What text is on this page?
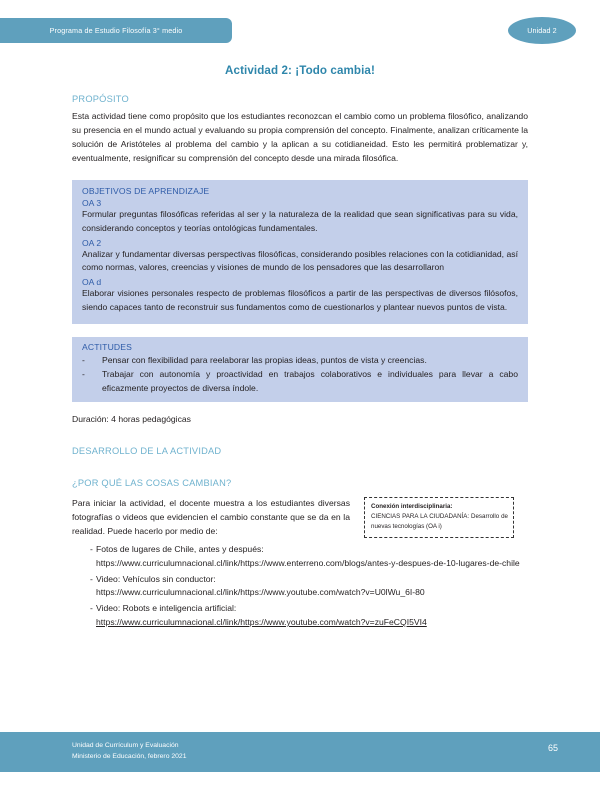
Programa de Estudio Filosofía 3° medio	Unidad 2
Actividad 2: ¡Todo cambia!
PROPÓSITO

Esta actividad tiene como propósito que los estudiantes reconozcan el cambio como un problema filosófico, analizando su presencia en el mundo actual y evaluando su propia comprensión del concepto. Finalmente, analizan críticamente la solución de Aristóteles al problema del cambio y la aplican a su cotidianeidad. Esto les permitirá problematizar y, eventualmente, resignificar su comprensión del concepto desde una mirada filosófica.

OBJETIVOS DE APRENDIZAJE
OA 3

Formular preguntas filosóficas referidas al ser y la naturaleza de la realidad que sean significativas para su vida, considerando conceptos y teorías ontológicas fundamentales.

OA 2

Analizar y fundamentar diversas perspectivas filosóficas, considerando posibles relaciones con la cotidianidad, así como normas, valores, creencias y visiones de mundo de los pensadores que las desarrollaron

OA d

Elaborar visiones personales respecto de problemas filosóficos a partir de las perspectivas de diversos filósofos, siendo capaces tanto de reconstruir sus fundamentos como de cuestionarlos y plantear nuevos puntos de vista.

ACTITUDES
-	Pensar con flexibilidad para reelaborar las propias ideas, puntos de vista y creencias.
-	Trabajar con autonomía y proactividad en trabajos colaborativos e individuales para llevar a cabo eficazmente proyectos de diversa índole.
Duración: 4 horas pedagógicas
DESARROLLO DE LA ACTIVIDAD
¿POR QUÉ LAS COSAS CAMBIAN?
Para iniciar la actividad, el docente muestra a los estudiantes diversas fotografías o videos que evidencien el cambio constante que se da en la realidad. Puede hacerlo por medio de:
Conexión interdisciplinaria:
CIENCIAS PARA LA CIUDADANÍA: Desarrollo de nuevas tecnologías (OA i)
- Fotos de lugares de Chile, antes y después:
https://www.curriculumnacional.cl/link/https://www.enterreno.com/blogs/antes-y-despues-de-10-lugares-de-chile
- Video: Vehículos sin conductor:
https://www.curriculumnacional.cl/link/https://www.youtube.com/watch?v=U0lWu_6I-80
- Video: Robots e inteligencia artificial:
https://www.curriculumnacional.cl/link/https://www.youtube.com/watch?v=zuFeCQI5VI4
Unidad de Currículum y Evaluación
Ministerio de Educación, febrero 2021
65
